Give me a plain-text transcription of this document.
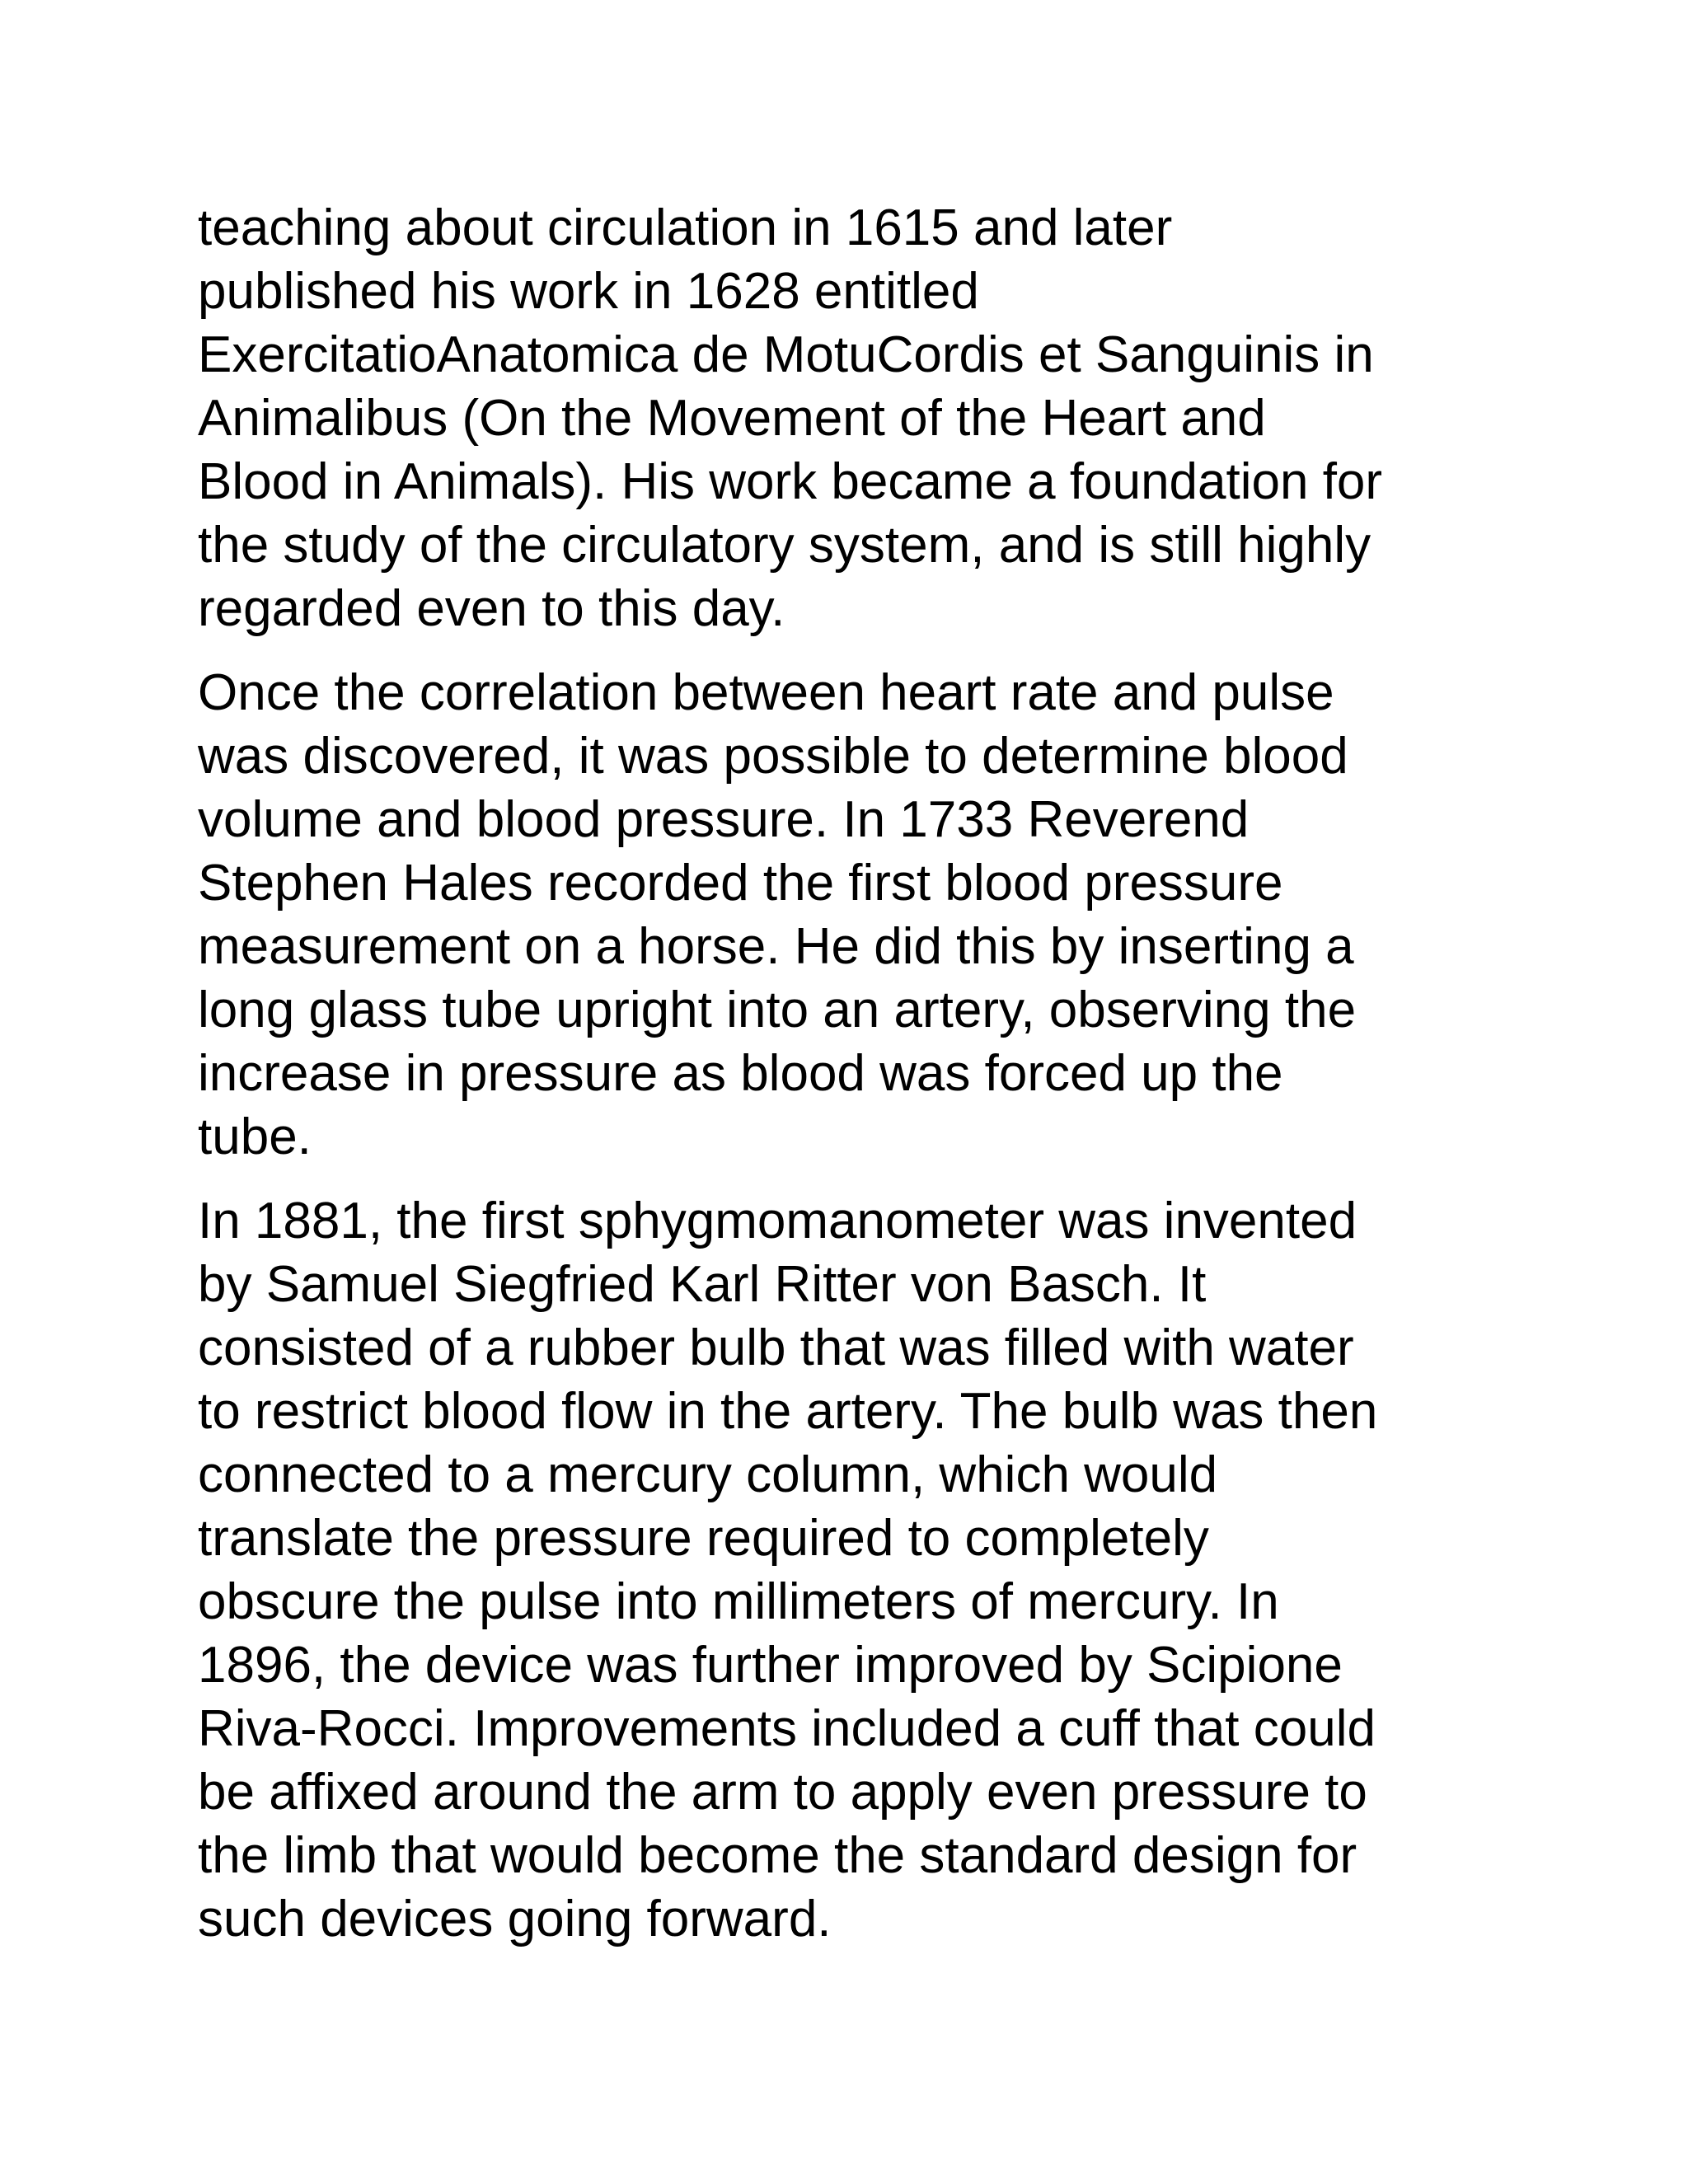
teaching about circulation in 1615 and later
published his work in 1628 entitled
ExercitatioAnatomica de MotuCordis et Sanguinis in
Animalibus (On the Movement of the Heart and
Blood in Animals). His work became a foundation for
the study of the circulatory system, and is still highly
regarded even to this day.

Once the correlation between heart rate and pulse
was discovered, it was possible to determine blood
volume and blood pressure. In 1733 Reverend
Stephen Hales recorded the first blood pressure
measurement on a horse. He did this by inserting a
long glass tube upright into an artery, observing the
increase in pressure as blood was forced up the
tube.

In 1881, the first sphygmomanometer was invented
by Samuel Siegfried Karl Ritter von Basch. It
consisted of a rubber bulb that was filled with water
to restrict blood flow in the artery. The bulb was then
connected to a mercury column, which would
translate the pressure required to completely
obscure the pulse into millimeters of mercury. In
1896, the device was further improved by Scipione
Riva-Rocci. Improvements included a cuff that could
be affixed around the arm to apply even pressure to
the limb that would become the standard design for
such devices going forward.
